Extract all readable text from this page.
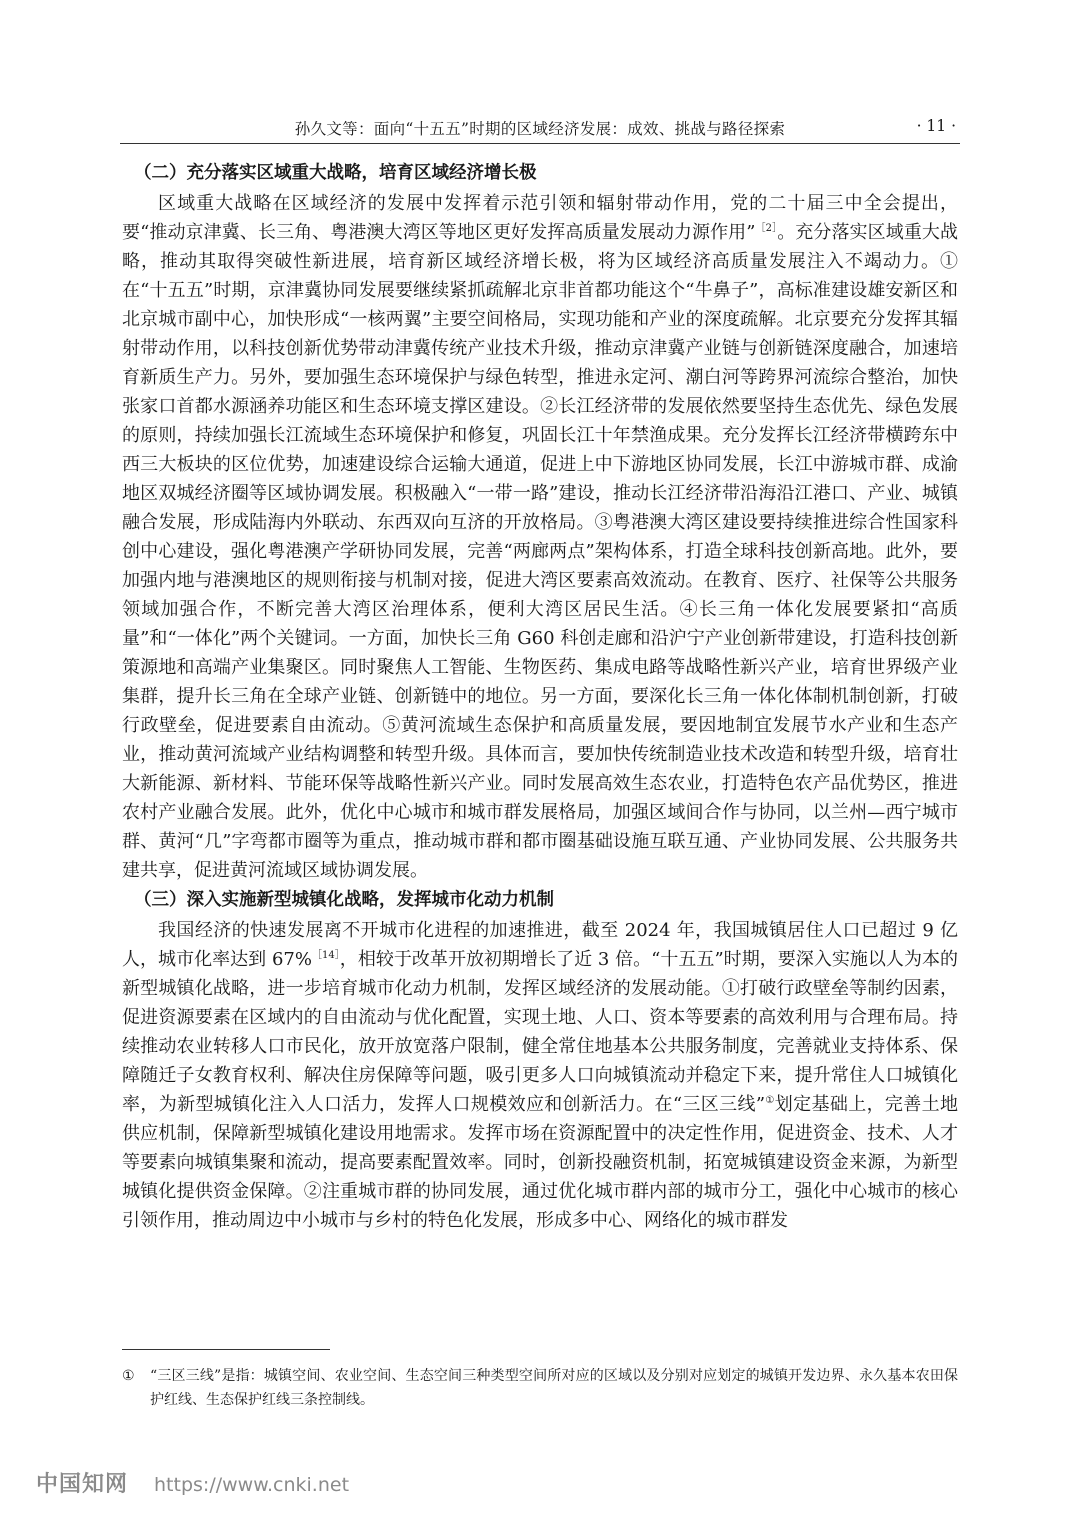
孙久文等：面向“十五五”时期的区域经济发展：成效、挑战与路径探索	· 11 ·
（二）充分落实区域重大战略，培育区域经济增长极

区域重大战略在区域经济的发展中发挥着示范引领和辐射带动作用，党的二十届三中全会提出，要“推动京津冀、长三角、粤港澳大湾区等地区更好发挥高质量发展动力源作用”$^{[2]}$。充分落实区域重大战略，推动其取得突破性新进展，培育新区域经济增长极，将为区域经济高质量发展注入不竭动力。①在“十五五”时期，京津冀协同发展要继续紧抓疏解北京非首都功能这个“牛鼻子”，高标准建设雄安新区和北京城市副中心，加快形成“一核两翼”主要空间格局，实现功能和产业的深度疏解。北京要充分发挥其辐射带动作用，以科技创新优势带动津冀传统产业技术升级，推动京津冀产业链与创新链深度融合，加速培育新质生产力。另外，要加强生态环境保护与绿色转型，推进永定河、潮白河等跨界河流综合整治，加快张家口首都水源涵养功能区和生态环境支撑区建设。②长江经济带的发展依然要坚持生态优先、绿色发展的原则，持续加强长江流域生态环境保护和修复，巩固长江十年禁渔成果。充分发挥长江经济带横跨东中西三大板块的区位优势，加速建设综合运输大通道，促进上中下游地区协同发展，长江中游城市群、成渝地区双城经济圈等区域协调发展。积极融入“一带一路”建设，推动长江经济带沿海沿江港口、产业、城镇融合发展，形成陆海内外联动、东西双向互济的开放格局。③粤港澳大湾区建设要持续推进综合性国家科创中心建设，强化粤港澳产学研协同发展，完善“两廊两点”架构体系，打造全球科技创新高地。此外，要加强内地与港澳地区的规则衔接与机制对接，促进大湾区要素高效流动。在教育、医疗、社保等公共服务领域加强合作，不断完善大湾区治理体系，便利大湾区居民生活。④长三角一体化发展要紧扣“高质量”和“一体化”两个关键词。一方面，加快长三角 G60 科创走廊和沿沪宁产业创新带建设，打造科技创新策源地和高端产业集聚区。同时聚焦人工智能、生物医药、集成电路等战略性新兴产业，培育世界级产业集群，提升长三角在全球产业链、创新链中的地位。另一方面，要深化长三角一体化体制机制创新，打破行政壁垒，促进要素自由流动。⑤黄河流域生态保护和高质量发展，要因地制宜发展节水产业和生态产业，推动黄河流域产业结构调整和转型升级。具体而言，要加快传统制造业技术改造和转型升级，培育壮大新能源、新材料、节能环保等战略性新兴产业。同时发展高效生态农业，打造特色农产品优势区，推进农村产业融合发展。此外，优化中心城市和城市群发展格局，加强区域间合作与协同，以兰州—西宁城市群、黄河“几”字弯都市圈等为重点，推动城市群和都市圈基础设施互联互通、产业协同发展、公共服务共建共享，促进黄河流域区域协调发展。

（三）深入实施新型城镇化战略，发挥城市化动力机制

我国经济的快速发展离不开城市化进程的加速推进，截至 2024 年，我国城镇居住人口已超过 9 亿人，城市化率达到 67%$^{[14]}$，相较于改革开放初期增长了近 3 倍。“十五五”时期，要深入实施以人为本的新型城镇化战略，进一步培育城市化动力机制，发挥区域经济的发展动能。①打破行政壁垒等制约因素，促进资源要素在区域内的自由流动与优化配置，实现土地、人口、资本等要素的高效利用与合理布局。持续推动农业转移人口市民化，放开放宽落户限制，健全常住地基本公共服务制度，完善就业支持体系、保障随迁子女教育权利、解决住房保障等问题，吸引更多人口向城镇流动并稳定下来，提升常住人口城镇化率，为新型城镇化注入人口活力，发挥人口规模效应和创新活力。在“三区三线”①划定基础上，完善土地供应机制，保障新型城镇化建设用地需求。发挥市场在资源配置中的决定性作用，促进资金、技术、人才等要素向城镇集聚和流动，提高要素配置效率。同时，创新投融资机制，拓宽城镇建设资金来源，为新型城镇化提供资金保障。②注重城市群的协同发展，通过优化城市群内部的城市分工，强化中心城市的核心引领作用，推动周边中小城市与乡村的特色化发展，形成多中心、网络化的城市群发

① “三区三线”是指：城镇空间、农业空间、生态空间三种类型空间所对应的区域以及分别对应划定的城镇开发边界、永久基本农田保护红线、生态保护红线三条控制线。
中国知网 https://www.cnki.net
